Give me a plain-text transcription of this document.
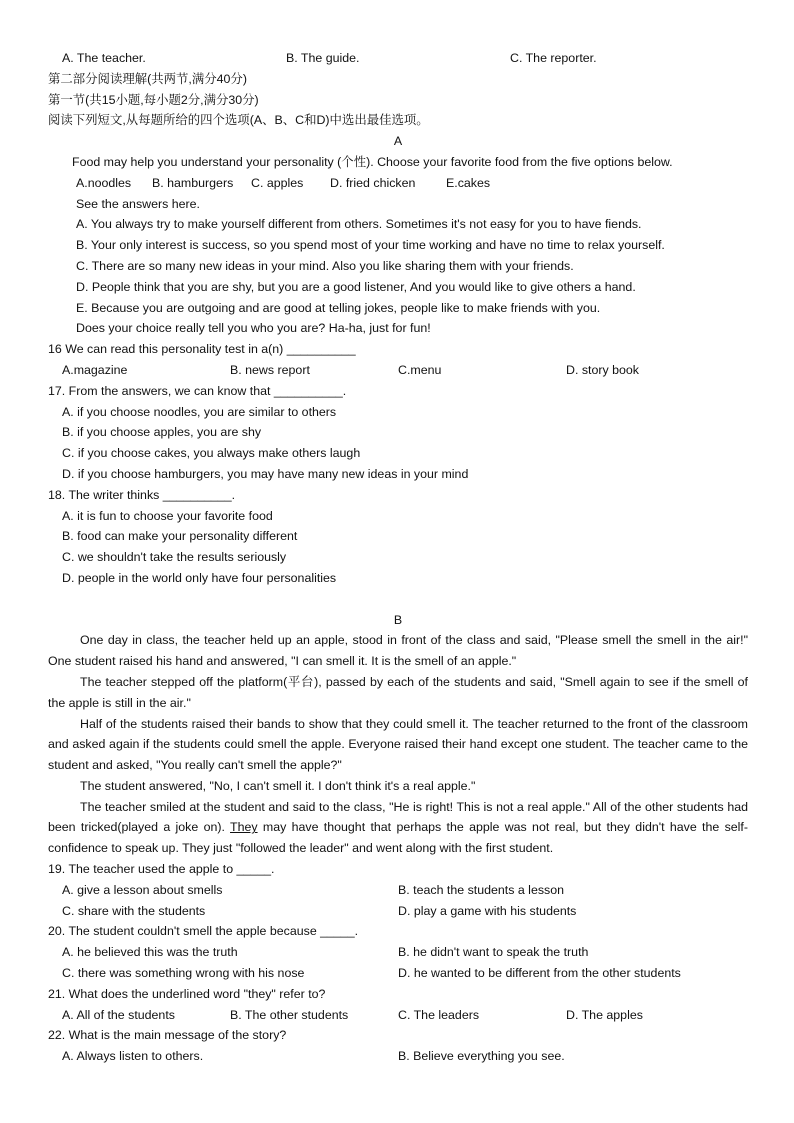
A. The teacher.	B. The guide.	C. The reporter.
第二部分阅读理解(共两节,满分40分)
第一节(共15小题,每小题2分,满分30分)
阅读下列短文,从每题所给的四个选项(A、B、C和D)中选出最佳选项。
A
Food may help you understand your personality (个性). Choose your favorite food from the five options below.
A.noodles	B. hamburgers	C. apples	D. fried chicken	E.cakes
See the answers here.
A. You always try to make yourself different from others. Sometimes it's not easy for you to have fiends.
B. Your only interest is success, so you spend most of your time working and have no time to relax yourself.
C. There are so many new ideas in your mind. Also you like sharing them with your friends.
D. People think that you are shy, but you are a good listener, And you would like to give others a hand.
E. Because you are outgoing and are good at telling jokes, people like to make friends with you.
Does your choice really tell you who you are? Ha-ha, just for fun!
16 We can read this personality test in a(n) __________
A.magazine	B. news report	C.menu	D. story book
17. From the answers, we can know that __________.
A. if you choose noodles, you are similar to others
B. if you choose apples, you are shy
C. if you choose cakes, you always make others laugh
D. if you choose hamburgers, you may have many new ideas in your mind
18. The writer thinks __________.
A. it is fun to choose your favorite food
B. food can make your personality different
C. we shouldn't take the results seriously
D. people in the world only have four personalities
B
One day in class, the teacher held up an apple, stood in front of the class and said, "Please smell the smell in the air!" One student raised his hand and answered, "I can smell it. It is the smell of an apple."
The teacher stepped off the platform(平台), passed by each of the students and said, "Smell again to see if the smell of the apple is still in the air."
Half of the students raised their bands to show that they could smell it. The teacher returned to the front of the classroom and asked again if the students could smell the apple. Everyone raised their hand except one student. The teacher came to the student and asked, "You really can't smell the apple?"
The student answered, "No, I can't smell it. I don't think it's a real apple."
The teacher smiled at the student and said to the class, "He is right! This is not a real apple." All of the other students had been tricked(played a joke on). They may have thought that perhaps the apple was not real, but they didn't have the self-confidence to speak up. They just "followed the leader" and went along with the first student.
19. The teacher used the apple to _____.
A. give a lesson about smells	B. teach the students a lesson
C. share with the students	D. play a game with his students
20. The student couldn't smell the apple because _____.
A. he believed this was the truth	B. he didn't want to speak the truth
C. there was something wrong with his nose	D. he wanted to be different from the other students
21. What does the underlined word "they" refer to?
A. All of the students	B. The other students	C. The leaders	D. The apples
22. What is the main message of the story?
A. Always listen to others.	B. Believe everything you see.
